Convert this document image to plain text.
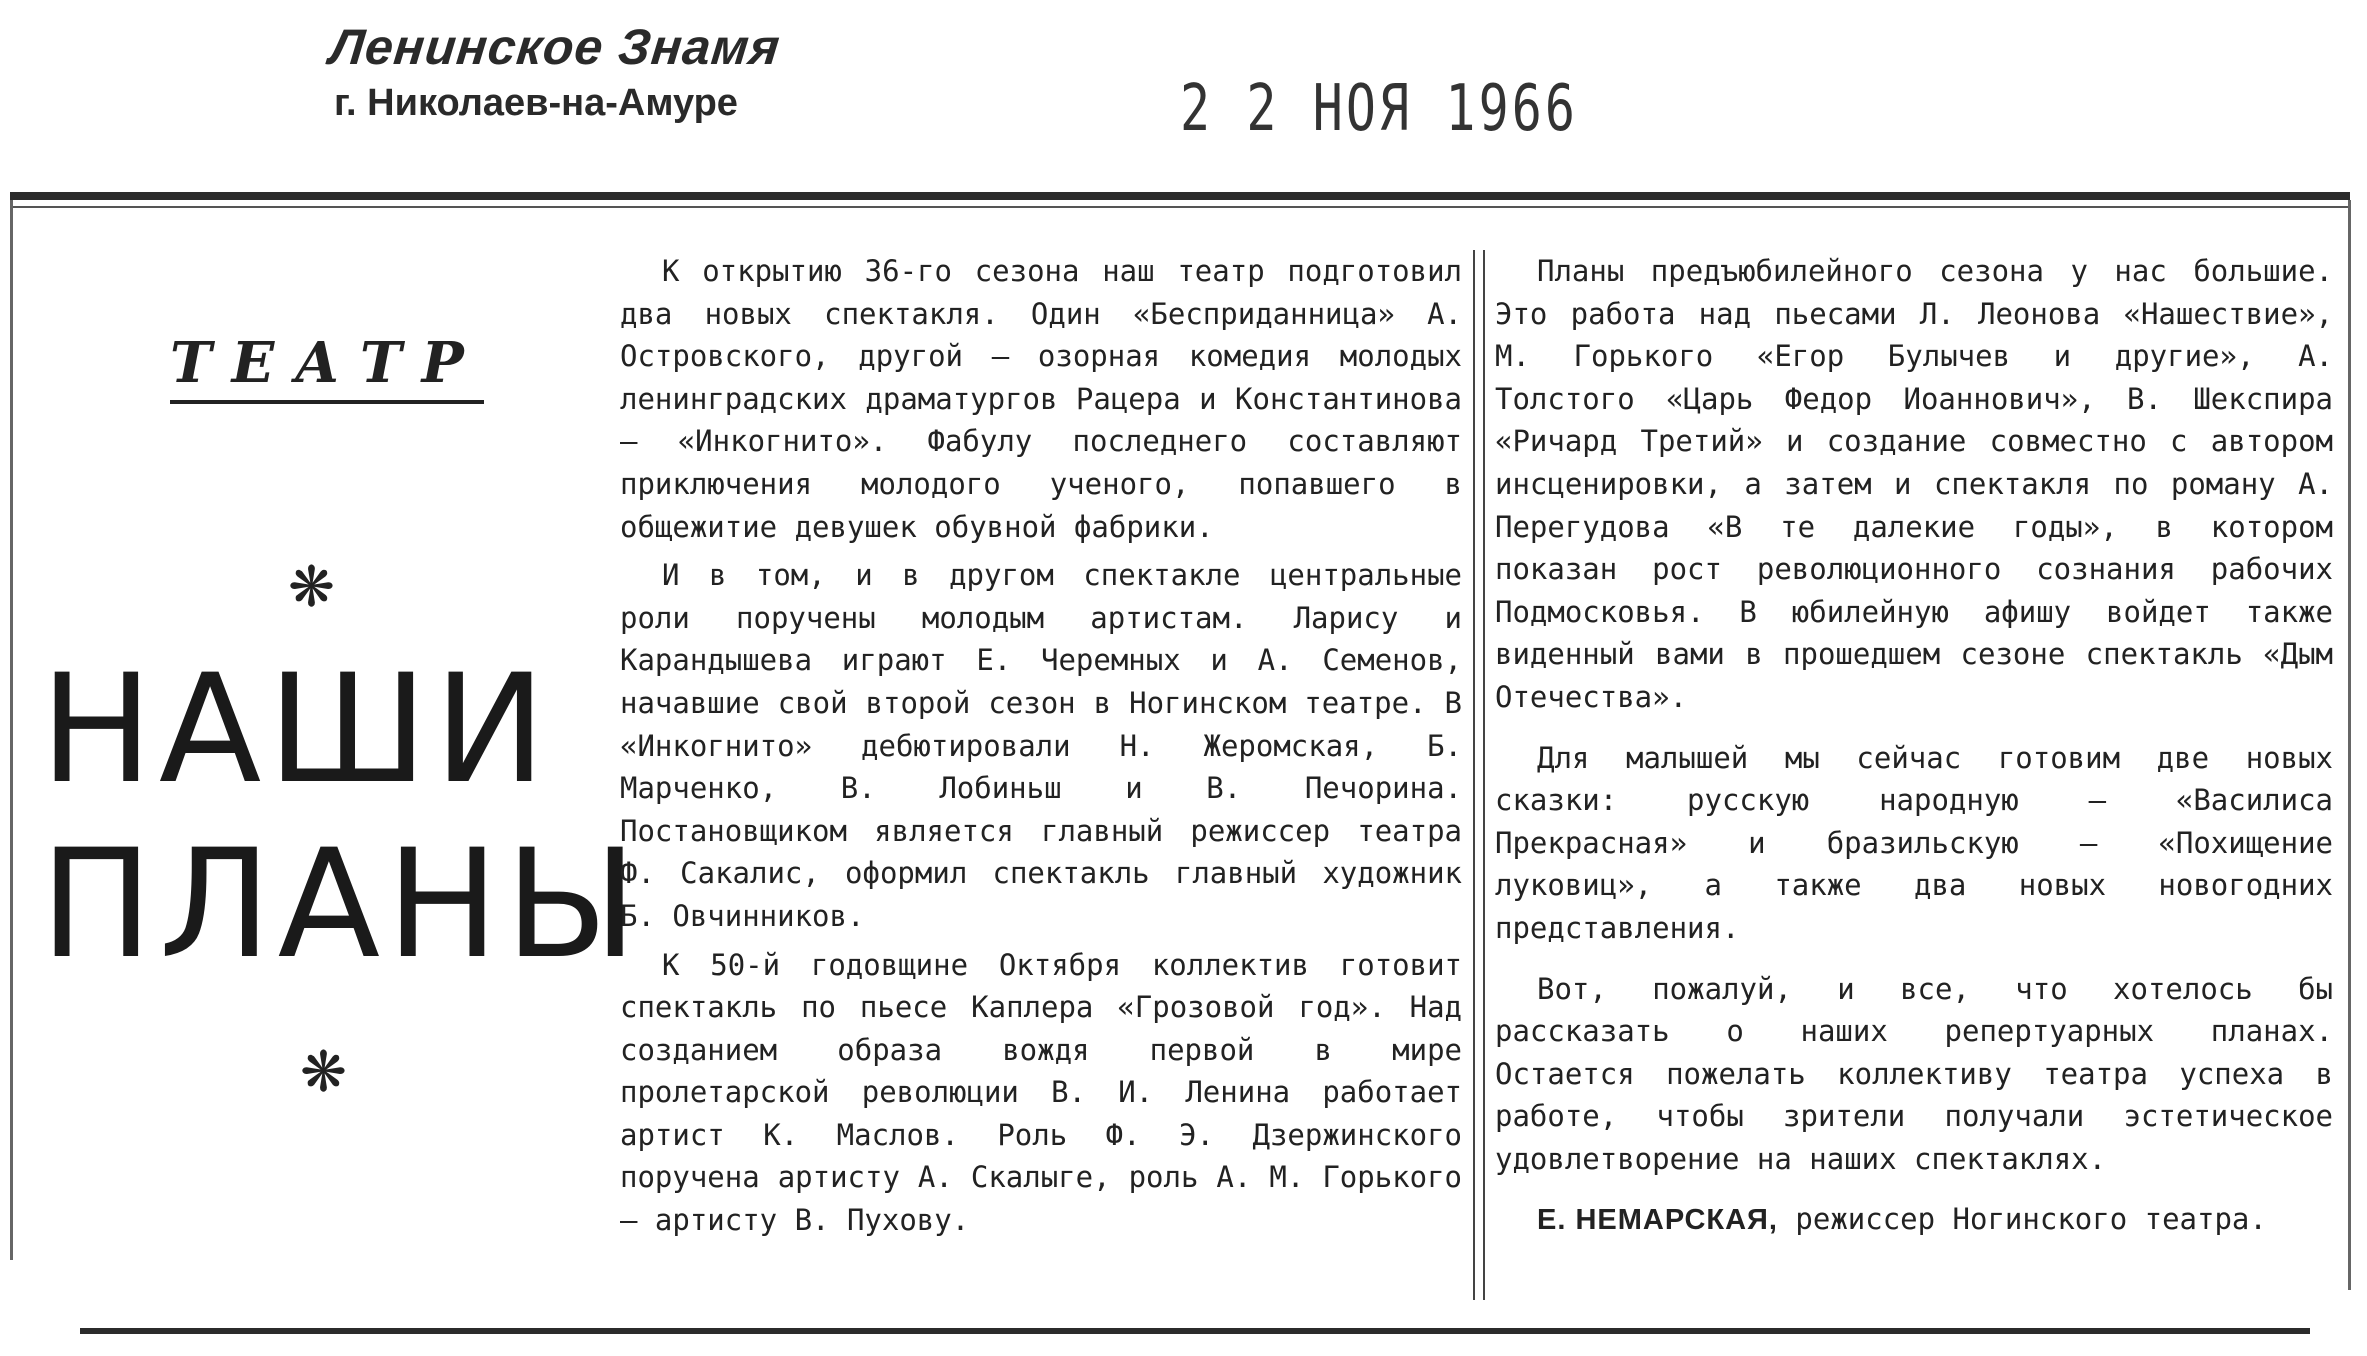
Ленинское Знамя
г. Николаев-на-Амуре	2 2 НОЯ 1966
ТЕАТР
❋
НАШИ
ПЛАНЫ
❋

К открытию 36-го сезона наш театр подготовил два новых спектакля. Один «Бесприданница» А. Островского, другой — озорная комедия молодых ленинградских драматургов Рацера и Константинова — «Инкогнито». Фабулу последнего составляют приключения молодого ученого, попавшего в общежитие девушек обувной фабрики.

И в том, и в другом спектакле центральные роли поручены молодым артистам. Ларису и Карандышева играют Е. Черемных и А. Семенов, начавшие свой второй сезон в Ногинском театре. В «Инкогнито» дебютировали Н. Жеромская, Б. Марченко, В. Лобиньш и В. Печорина. Постановщиком является главный режиссер театра Ф. Сакалис, оформил спектакль главный художник Б. Овчинников.

К 50-й годовщине Октября коллектив готовит спектакль по пьесе Каплера «Грозовой год». Над созданием образа вождя первой в мире пролетарской революции В. И. Ленина работает артист К. Маслов. Роль Ф. Э. Дзержинского поручена артисту А. Скалыге, роль А. М. Горького — артисту В. Пухову.

Планы предъюбилейного сезона у нас большие. Это работа над пьесами Л. Леонова «Нашествие», М. Горького «Егор Булычев и другие», А. Толстого «Царь Федор Иоаннович», В. Шекспира «Ричард Третий» и создание совместно с автором инсценировки, а затем и спектакля по роману А. Перегудова «В те далекие годы», в котором показан рост революционного сознания рабочих Подмосковья. В юбилейную афишу войдет также виденный вами в прошедшем сезоне спектакль «Дым Отечества».

Для малышей мы сейчас готовим две новых сказки: русскую народную — «Василиса Прекрасная» и бразильскую — «Похищение луковиц», а также два новых новогодних представления.

Вот, пожалуй, и все, что хотелось бы рассказать о наших репертуарных планах. Остается пожелать коллективу театра успеха в работе, чтобы зрители получали эстетическое удовлетворение на наших спектаклях.

Е. НЕМАРСКАЯ, режиссер Ногинского театра.
